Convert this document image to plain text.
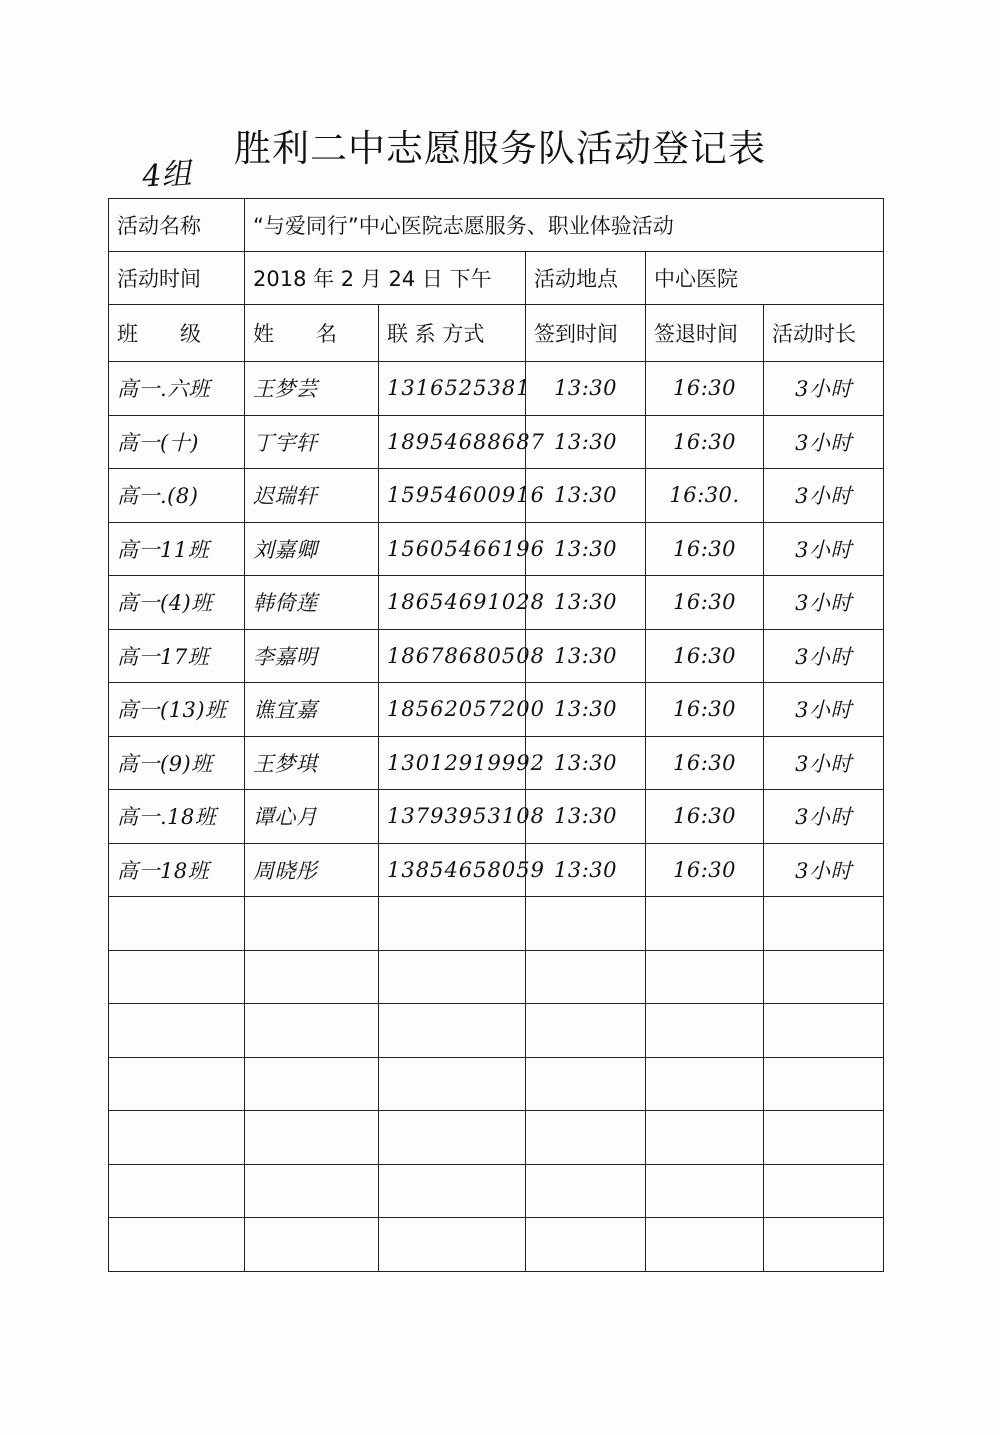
胜利二中志愿服务队活动登记表
4组
活动名称	“与爱同行”中心医院志愿服务、职业体验活动				
活动时间	2018 年 2 月 24 日 下午		活动地点	中心医院	
班　　级	姓　　名	联 系 方式	签到时间	签退时间	活动时长
高一.六班	王梦芸	1316525381	13:30	16:30	3小时
高一(十)	丁宇轩	18954688687	13:30	16:30	3小时
高一.(8)	迟瑞轩	15954600916	13:30	16:30.	3小时
高一11班	刘嘉卿	15605466196	13:30	16:30	3小时
高一(4)班	韩倚莲	18654691028	13:30	16:30	3小时
高一17班	李嘉明	18678680508	13:30	16:30	3小时
高一(13)班	谯宜嘉	18562057200	13:30	16:30	3小时
高一(9)班	王梦琪	13012919992	13:30	16:30	3小时
高一.18班	谭心月	13793953108	13:30	16:30	3小时
高一18班	周晓彤	13854658059	13:30	16:30	3小时
